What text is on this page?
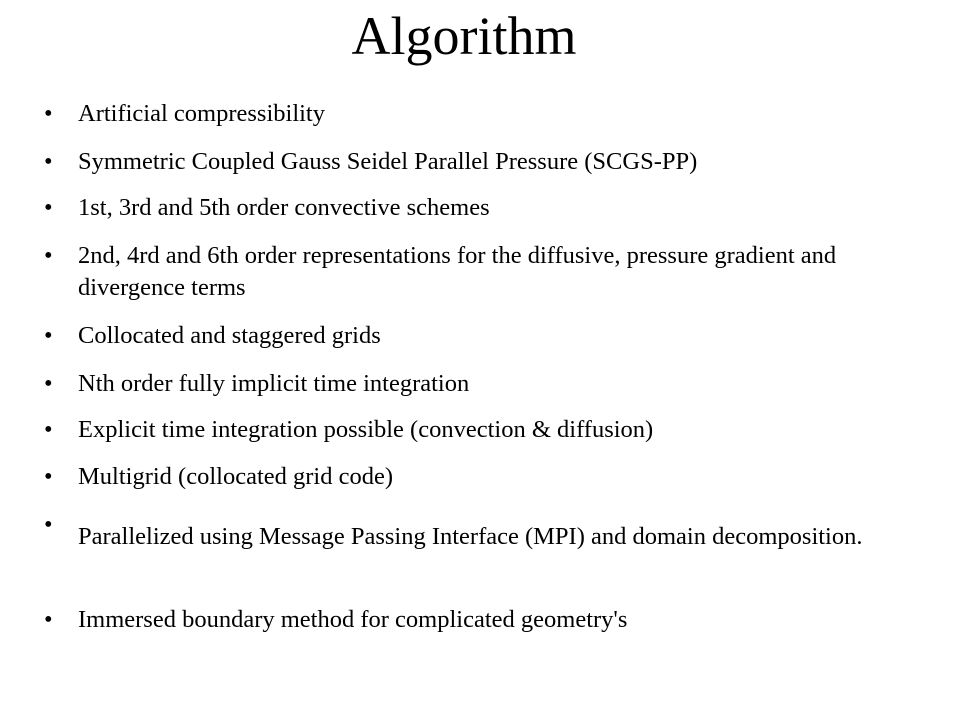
Algorithm
•	Artificial compressibility
•	Symmetric Coupled Gauss Seidel Parallel Pressure (SCGS-PP)
•	1st, 3rd and 5th order convective schemes
•	2nd, 4rd and 6th order representations for the diffusive, pressure gradient and divergence terms
•	Collocated and staggered grids
•	Nth order fully implicit time integration
•	Explicit time integration possible (convection & diffusion)
•	Multigrid (collocated grid code)
•	Parallelized using Message Passing Interface (MPI) and domain decomposition.
•	Immersed boundary method for complicated geometry's
